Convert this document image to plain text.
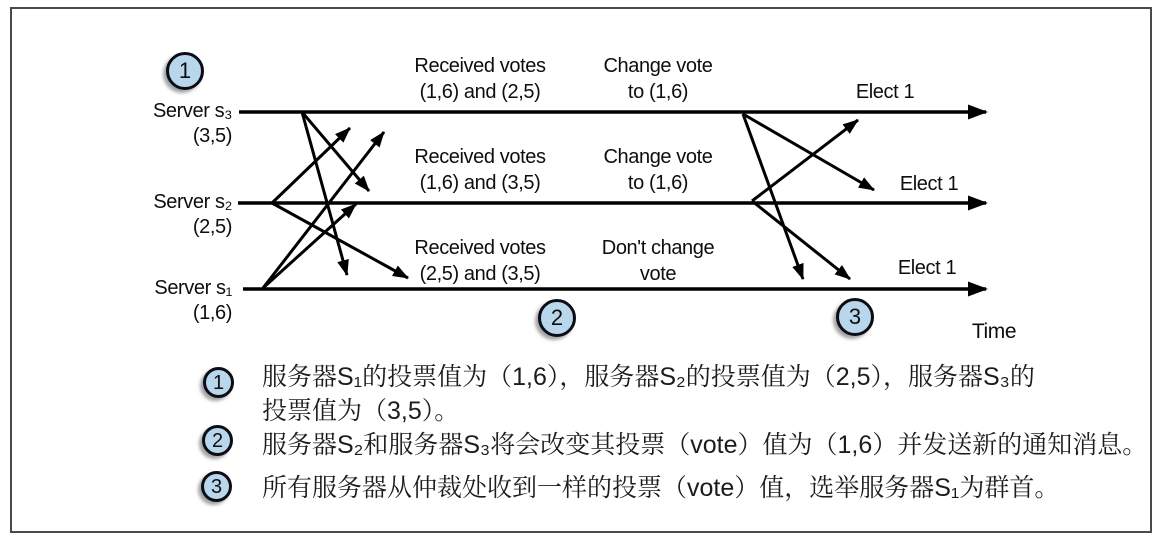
Server s₃
(3,5)
Server s₂
(2,5)
Server s₁
(1,6)
Received votes
(1,6) and (2,5)
Received votes
(1,6) and (3,5)
Received votes
(2,5) and (3,5)
Change vote
to (1,6)
Change vote
to (1,6)
Don't change
vote
Elect 1
Elect 1
Elect 1
Time
1
2	3
1 服务器S₁的投票值为（1,6），服务器S₂的投票值为（2,5），服务器S₃的
投票值为（3,5）。
2 服务器S₂和服务器S₃将会改变其投票（vote）值为（1,6）并发送新的通知消息。
3 所有服务器从仲裁处收到一样的投票（vote）值，选举服务器S₁为群首。
